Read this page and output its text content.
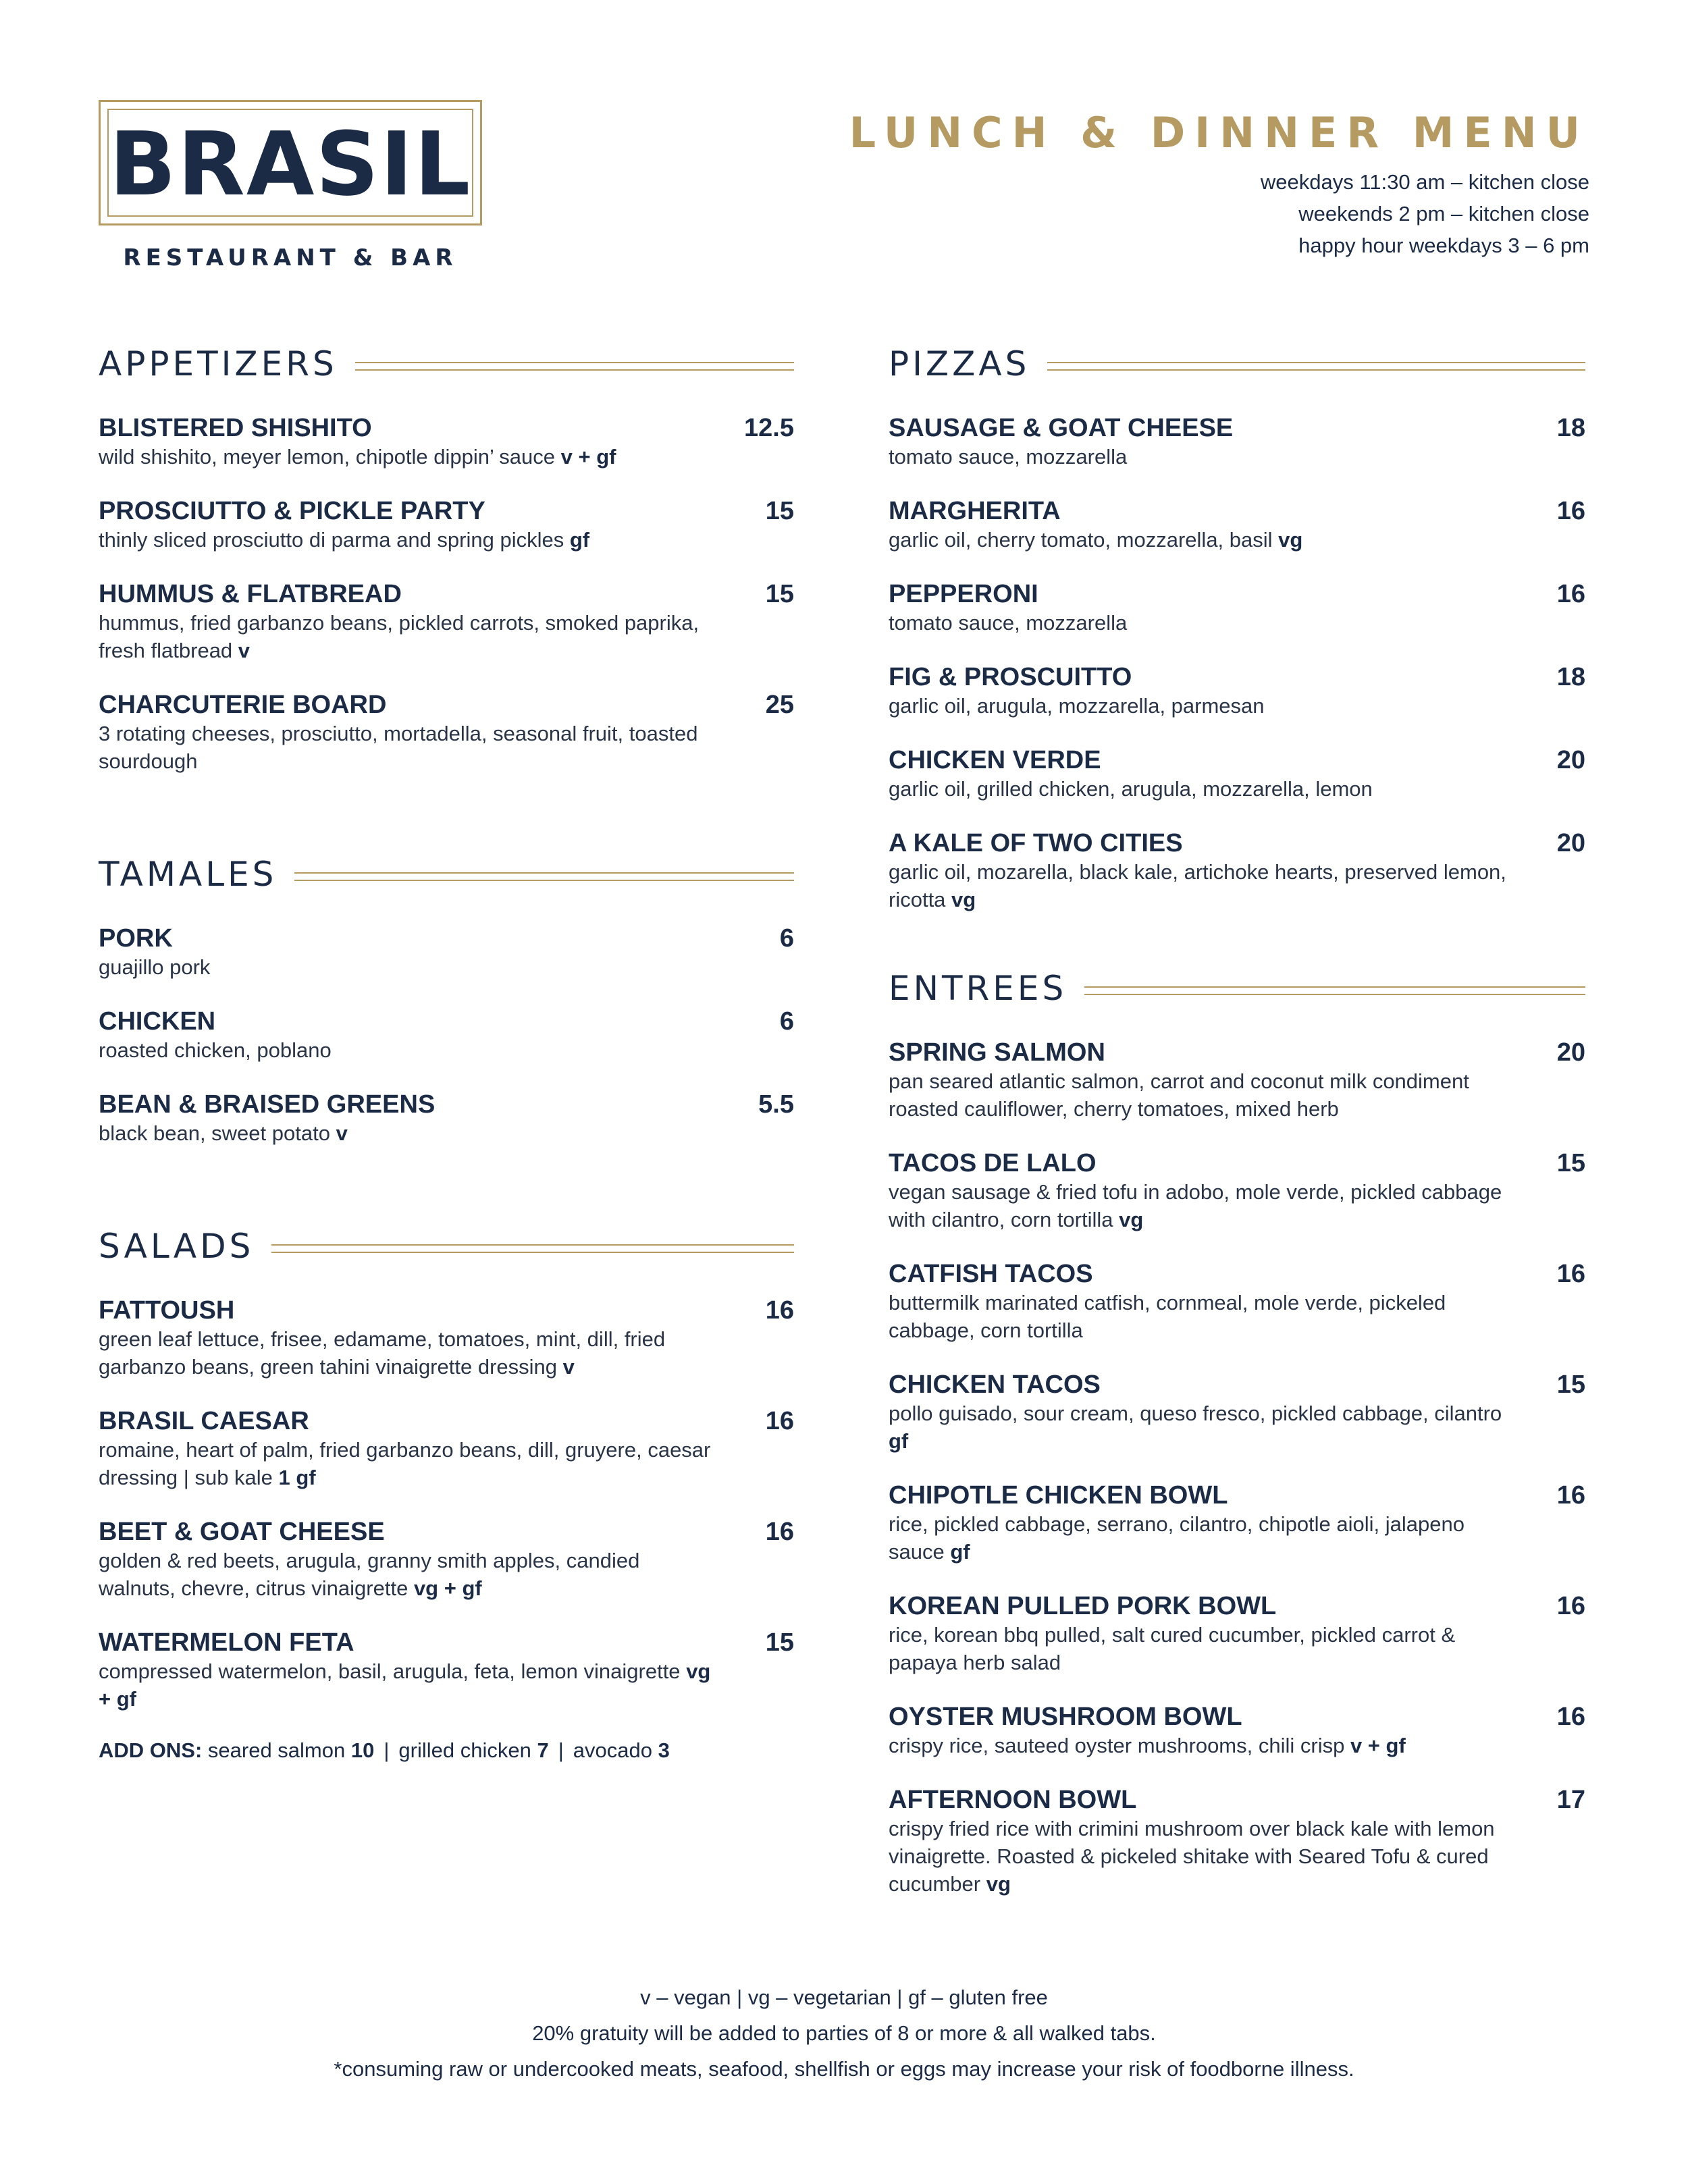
BRASIL
RESTAURANT & BAR
LUNCH & DINNER MENU
weekdays 11:30 am – kitchen close
weekends 2 pm – kitchen close
happy hour weekdays 3 – 6 pm
APPETIZERS
BLISTERED SHISHITO	12.5
wild shishito, meyer lemon, chipotle dippin’ sauce v + gf
PROSCIUTTO & PICKLE PARTY	15
thinly sliced prosciutto di parma and spring pickles gf
HUMMUS & FLATBREAD	15
hummus, fried garbanzo beans, pickled carrots, smoked paprika, fresh flatbread v
CHARCUTERIE BOARD	25
3 rotating cheeses, prosciutto, mortadella, seasonal fruit, toasted sourdough
TAMALES
PORK	6
guajillo pork
CHICKEN	6
roasted chicken, poblano
BEAN & BRAISED GREENS	5.5
black bean, sweet potato v
SALADS
FATTOUSH	16
green leaf lettuce, frisee, edamame, tomatoes, mint, dill, fried garbanzo beans, green tahini vinaigrette dressing v
BRASIL CAESAR	16
romaine, heart of palm, fried garbanzo beans, dill, gruyere, caesar dressing | sub kale 1 gf
BEET & GOAT CHEESE	16
golden & red beets, arugula, granny smith apples, candied walnuts, chevre, citrus vinaigrette vg + gf
WATERMELON FETA	15
compressed watermelon, basil, arugula, feta, lemon vinaigrette vg + gf
ADD ONS: seared salmon 10 | grilled chicken 7 | avocado 3
PIZZAS
SAUSAGE & GOAT CHEESE	18
tomato sauce, mozzarella
MARGHERITA	16
garlic oil, cherry tomato, mozzarella, basil vg
PEPPERONI	16
tomato sauce, mozzarella
FIG & PROSCUITTO	18
garlic oil, arugula, mozzarella, parmesan
CHICKEN VERDE	20
garlic oil, grilled chicken, arugula, mozzarella, lemon
A KALE OF TWO CITIES	20
garlic oil, mozarella, black kale, artichoke hearts, preserved lemon, ricotta vg
ENTREES
SPRING SALMON	20
pan seared atlantic salmon, carrot and coconut milk condiment roasted cauliflower, cherry tomatoes, mixed herb
TACOS DE LALO	15
vegan sausage & fried tofu in adobo, mole verde, pickled cabbage with cilantro, corn tortilla vg
CATFISH TACOS	16
buttermilk marinated catfish, cornmeal, mole verde, pickeled cabbage, corn tortilla
CHICKEN TACOS	15
pollo guisado, sour cream, queso fresco, pickled cabbage, cilantro gf
CHIPOTLE CHICKEN BOWL	16
rice, pickled cabbage, serrano, cilantro, chipotle aioli, jalapeno sauce gf
KOREAN PULLED PORK BOWL	16
rice, korean bbq pulled, salt cured cucumber, pickled carrot & papaya herb salad
OYSTER MUSHROOM BOWL	16
crispy rice, sauteed oyster mushrooms, chili crisp v + gf
AFTERNOON BOWL	17
crispy fried rice with crimini mushroom over black kale with lemon vinaigrette. Roasted & pickeled shitake with Seared Tofu & cured cucumber vg
v – vegan | vg – vegetarian | gf – gluten free
20% gratuity will be added to parties of 8 or more & all walked tabs.
*consuming raw or undercooked meats, seafood, shellfish or eggs may increase your risk of foodborne illness.
